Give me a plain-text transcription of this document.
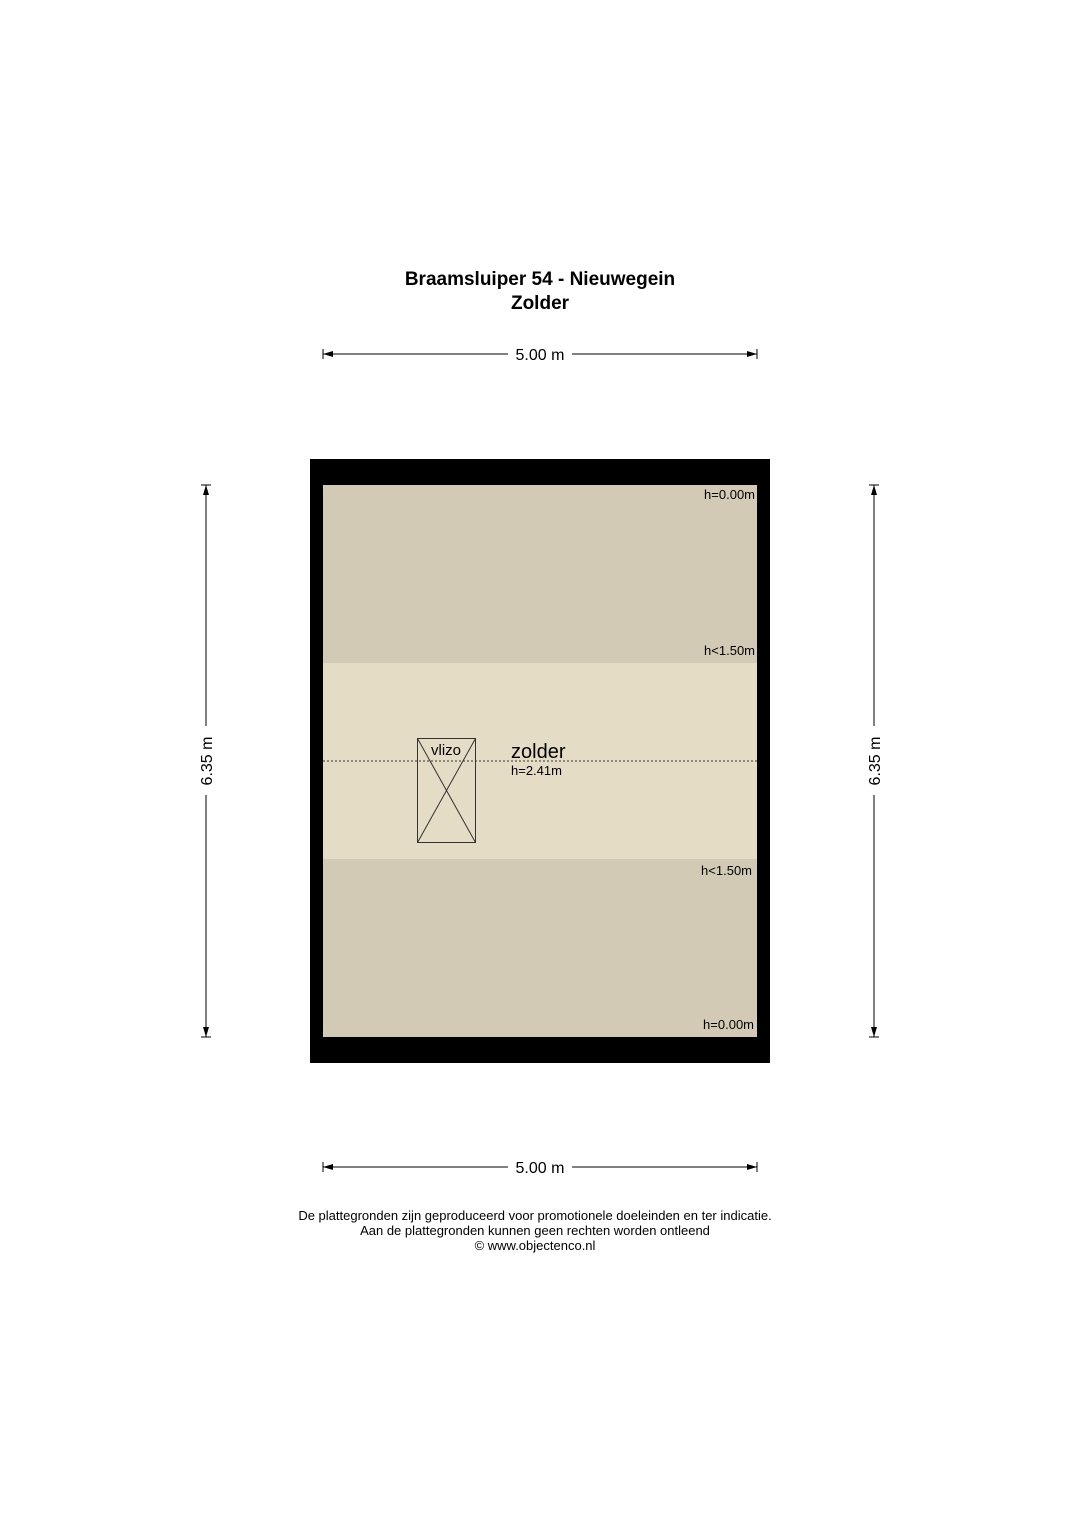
Braamsluiper 54 - Nieuwegein
Zolder
5.00 m
5.00 m
6.35 m	6.35 m
vlizo zolder
h=2.41m
h=0.00m
h<1.50m
h<1.50m
h=0.00m
De plattegronden zijn geproduceerd voor promotionele doeleinden en ter indicatie.
Aan de plattegronden kunnen geen rechten worden ontleend
© www.objectenco.nl
